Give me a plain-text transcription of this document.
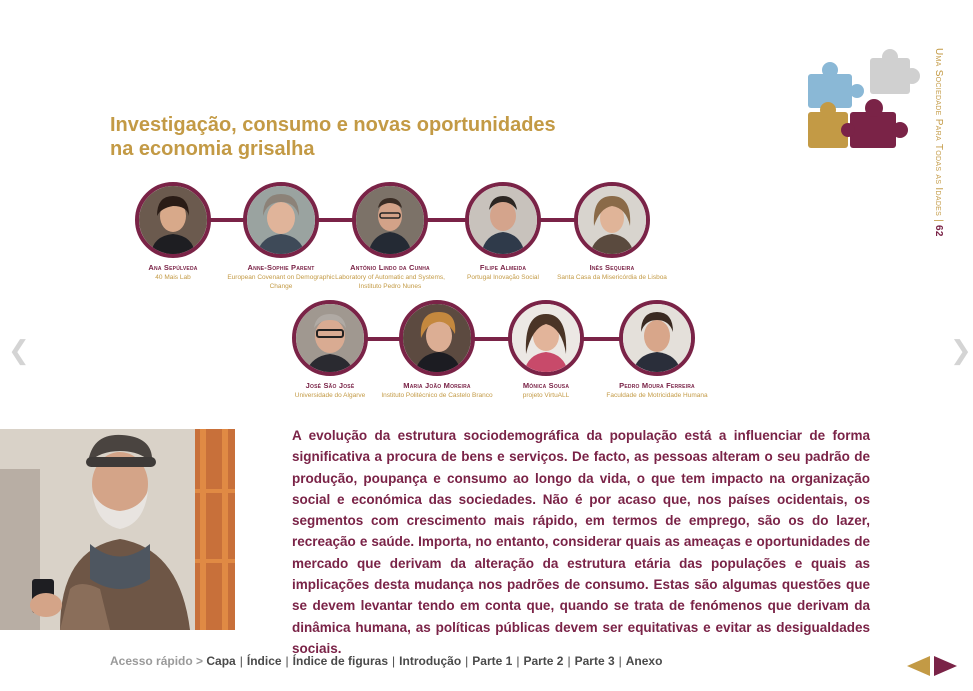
Investigação, consumo e novas oportunidades
na economia grisalha	Uma Sociedade Para Todas as Idades|62
❮	❯
Ana Sepúlveda
40 Mais Lab
Anne-Sophie Parent
European Covenant on Demographic Change
António Lindo da Cunha
Laboratory of Automatic and Systems, Instituto Pedro Nunes
Filipe Almeida
Portugal Inovação Social
Inês Sequeira
Santa Casa da Misericórdia de Lisboa
José São José
Universidade do Algarve
Maria João Moreira
Instituto Politécnico de Castelo Branco
Mónica Sousa
projeto VirtuALL
Pedro Moura Ferreira
Faculdade de Motricidade Humana
A evolução da estrutura sociodemográfica da população está a influenciar de forma significativa a procura de bens e serviços. De facto, as pessoas alteram o seu padrão de produção, poupança e consumo ao longo da vida, o que tem impacto na organização social e económica das sociedades. Não é por acaso que, nos países ocidentais, os segmentos com crescimento mais rápido, em termos de emprego, são os do lazer, recreação e saúde. Importa, no entanto, considerar quais as ameaças e oportunidades de mercado que derivam da alteração da estrutura etária das populações e quais as implicações desta mudança nos padrões de consumo. Estas são algumas questões que se devem levantar tendo em conta que, quando se trata de fenómenos que derivam da dinâmica humana, as políticas públicas devem ser equitativas e evitar as desigualdades sociais.
Acesso rápido > Capa | Índice | Índice de figuras | Introdução | Parte 1 | Parte 2 | Parte 3 | Anexo
